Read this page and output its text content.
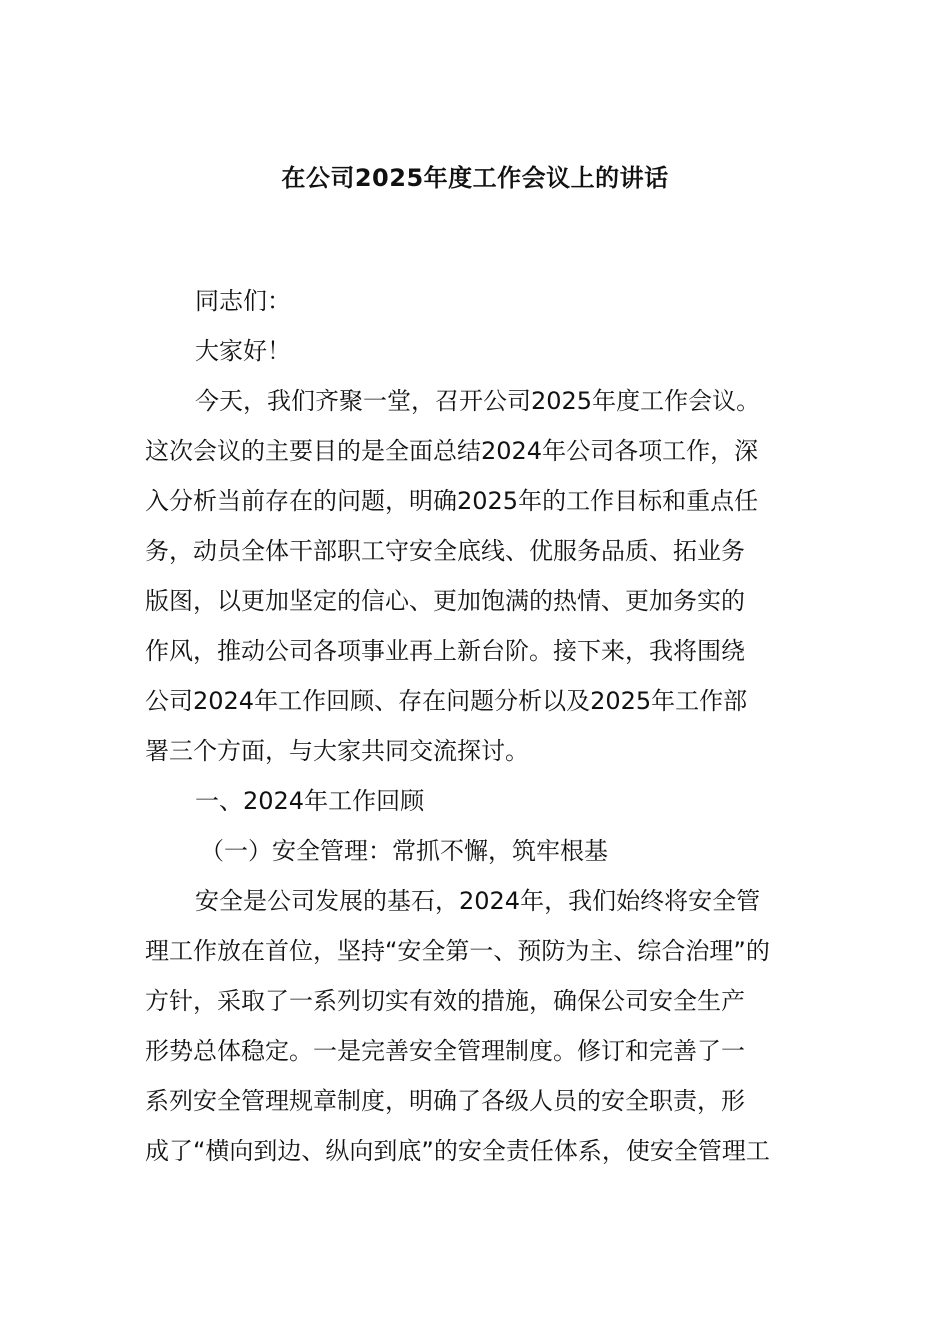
在公司2025年度工作会议上的讲话
同志们：
大家好！
今天，我们齐聚一堂，召开公司2025年度工作会议。
这次会议的主要目的是全面总结2024年公司各项工作，深
入分析当前存在的问题，明确2025年的工作目标和重点任
务，动员全体干部职工守安全底线、优服务品质、拓业务
版图，以更加坚定的信心、更加饱满的热情、更加务实的
作风，推动公司各项事业再上新台阶。接下来，我将围绕
公司2024年工作回顾、存在问题分析以及2025年工作部
署三个方面，与大家共同交流探讨。
一、2024年工作回顾
（一）安全管理：常抓不懈，筑牢根基
安全是公司发展的基石，2024年，我们始终将安全管
理工作放在首位，坚持“安全第一、预防为主、综合治理”的
方针，采取了一系列切实有效的措施，确保公司安全生产
形势总体稳定。一是完善安全管理制度。修订和完善了一
系列安全管理规章制度，明确了各级人员的安全职责，形
成了“横向到边、纵向到底”的安全责任体系，使安全管理工
